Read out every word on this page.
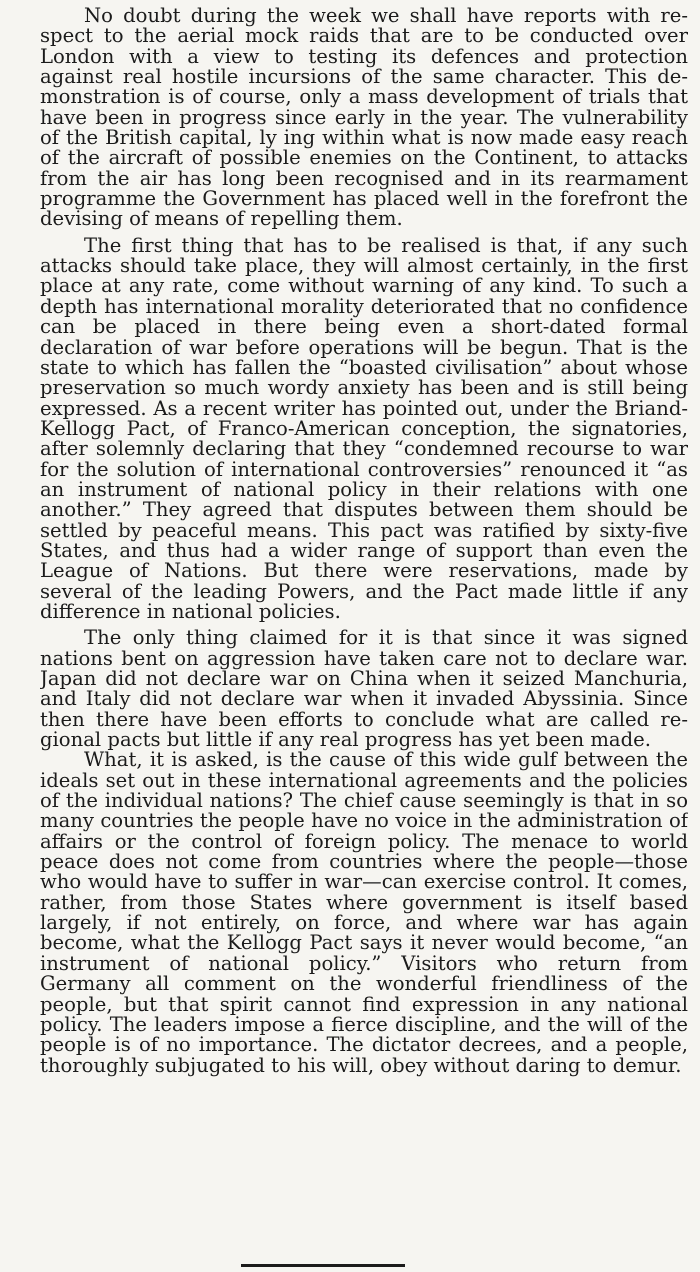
No doubt during the week we shall have reports with respect to the aerial mock raids that are to be conducted over London with a view to testing its defences and protection against real hostile incursions of the same character. This demonstration is of course, only a mass development of trials that have been in progress since early in the year. The vulnerability of the British capital, ly ing within what is now made easy reach of the aircraft of possible enemies on the Continent, to attacks from the air has long been recognised and in its rearmament programme the Government has placed well in the forefront the devising of means of repelling them.

The first thing that has to be realised is that, if any such attacks should take place, they will almost certainly, in the first place at any rate, come without warning of any kind. To such a depth has international morality deteriorated that no confidence can be placed in there being even a short-dated formal declaration of war before operations will be begun. That is the state to which has fallen the “boasted civilisation” about whose preservation so much wordy anxiety has been and is still being expressed. As a recent writer has pointed out, under the Briand-Kellogg Pact, of Franco-American conception, the signatories, after solemnly declaring that they “condemned recourse to war for the solution of international controversies” renounced it “as an instrument of national policy in their relations with one another.” They agreed that disputes between them should be settled by peaceful means. This pact was ratified by sixty-five States, and thus had a wider range of support than even the League of Nations. But there were reservations, made by several of the leading Powers, and the Pact made little if any difference in national policies.

The only thing claimed for it is that since it was signed nations bent on aggression have taken care not to declare war. Japan did not declare war on China when it seized Manchuria, and Italy did not declare war when it invaded Abyssinia. Since then there have been efforts to conclude what are called regional pacts but little if any real progress has yet been made.

What, it is asked, is the cause of this wide gulf between the ideals set out in these international agreements and the policies of the individual nations? The chief cause seemingly is that in so many countries the people have no voice in the administration of affairs or the control of foreign policy. The menace to world peace does not come from countries where the people—those who would have to suffer in war—can exercise control. It comes, rather, from those States where government is itself based largely, if not entirely, on force, and where war has again become, what the Kellogg Pact says it never would become, “an instrument of national policy.” Visitors who return from Germany all comment on the wonderful friendliness of the people, but that spirit cannot find expression in any national policy. The leaders impose a fierce discipline, and the will of the people is of no importance. The dictator decrees, and a people, thoroughly subjugated to his will, obey without daring to demur.
